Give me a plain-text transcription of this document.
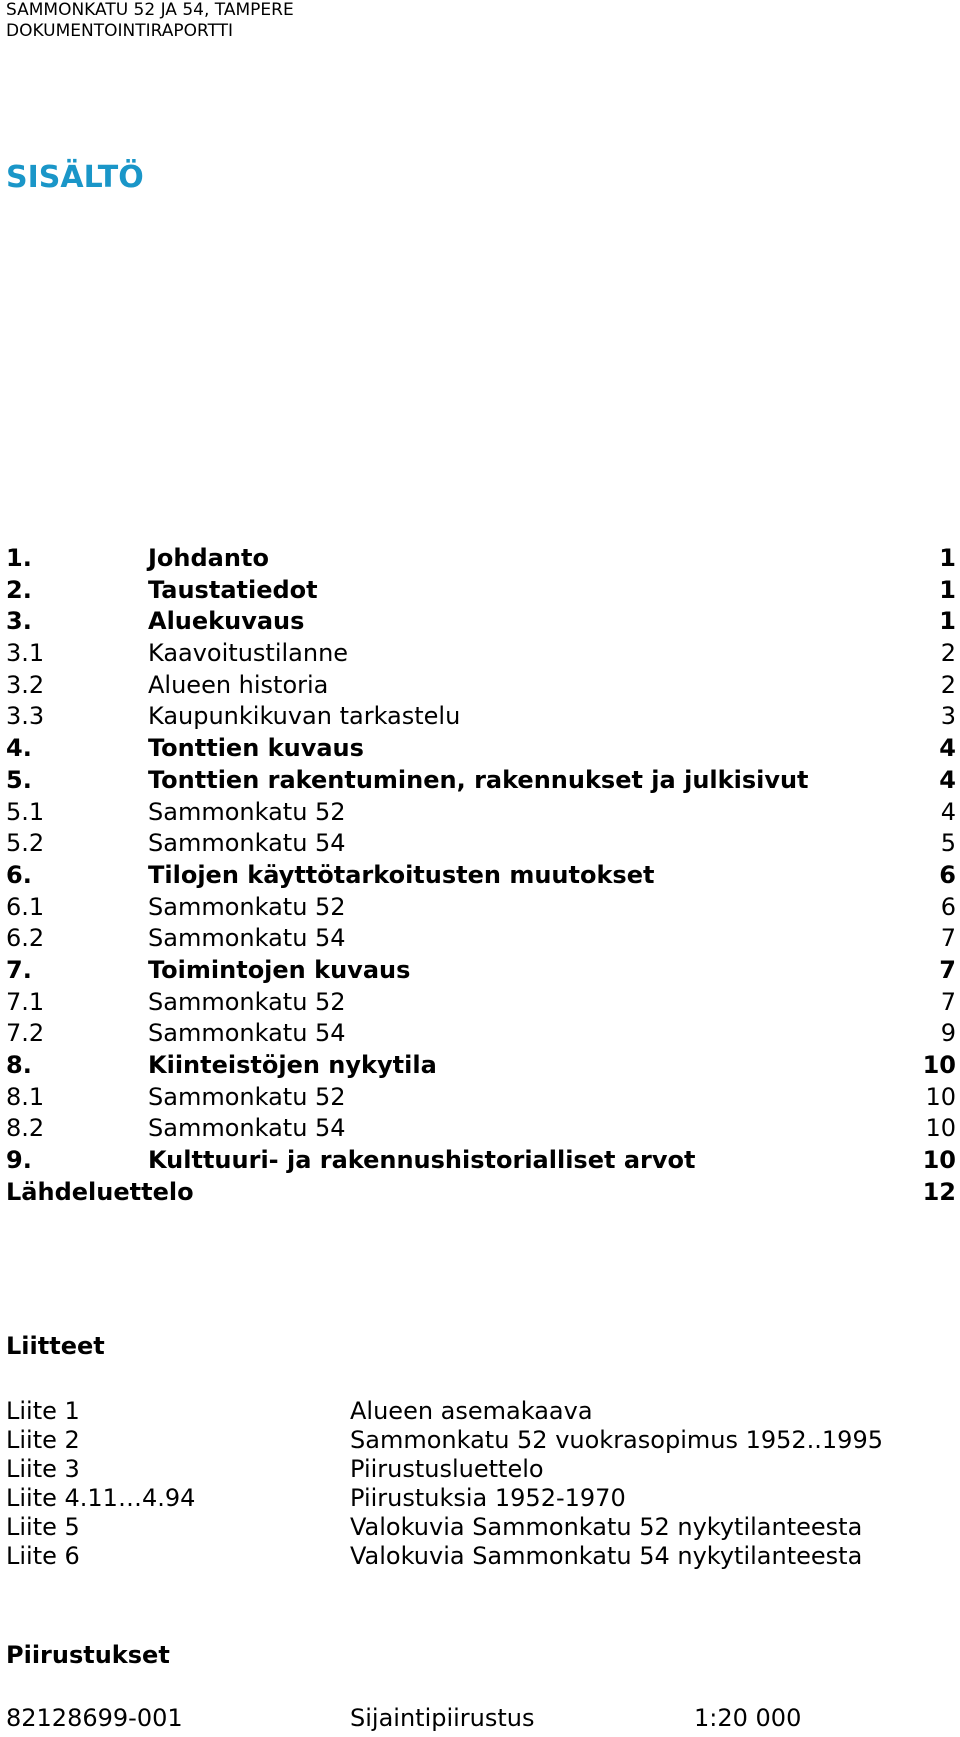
SAMMONKATU 52 JA 54, TAMPERE
DOKUMENTOINTIRAPORTTI
SISÄLTÖ
1.	Johdanto	1
2.	Taustatiedot	1
3.	Aluekuvaus	1
3.1	Kaavoitustilanne	2
3.2	Alueen historia	2
3.3	Kaupunkikuvan tarkastelu	3
4.	Tonttien kuvaus	4
5.	Tonttien rakentuminen, rakennukset ja julkisivut	4
5.1	Sammonkatu 52	4
5.2	Sammonkatu 54	5
6.	Tilojen käyttötarkoitusten muutokset	6
6.1	Sammonkatu 52	6
6.2	Sammonkatu 54	7
7.	Toimintojen kuvaus	7
7.1	Sammonkatu 52	7
7.2	Sammonkatu 54	9
8.	Kiinteistöjen nykytila	10
8.1	Sammonkatu 52	10
8.2	Sammonkatu 54	10
9.	Kulttuuri- ja rakennushistorialliset arvot	10
Lähdeluettelo	12
Liitteet
Liite 1	Alueen asemakaava
Liite 2	Sammonkatu 52 vuokrasopimus 1952..1995
Liite 3	Piirustusluettelo
Liite 4.11…4.94	Piirustuksia 1952-1970
Liite 5	Valokuvia Sammonkatu 52 nykytilanteesta
Liite 6	Valokuvia Sammonkatu 54 nykytilanteesta
Piirustukset
82128699-001	Sijaintipiirustus	1:20 000
